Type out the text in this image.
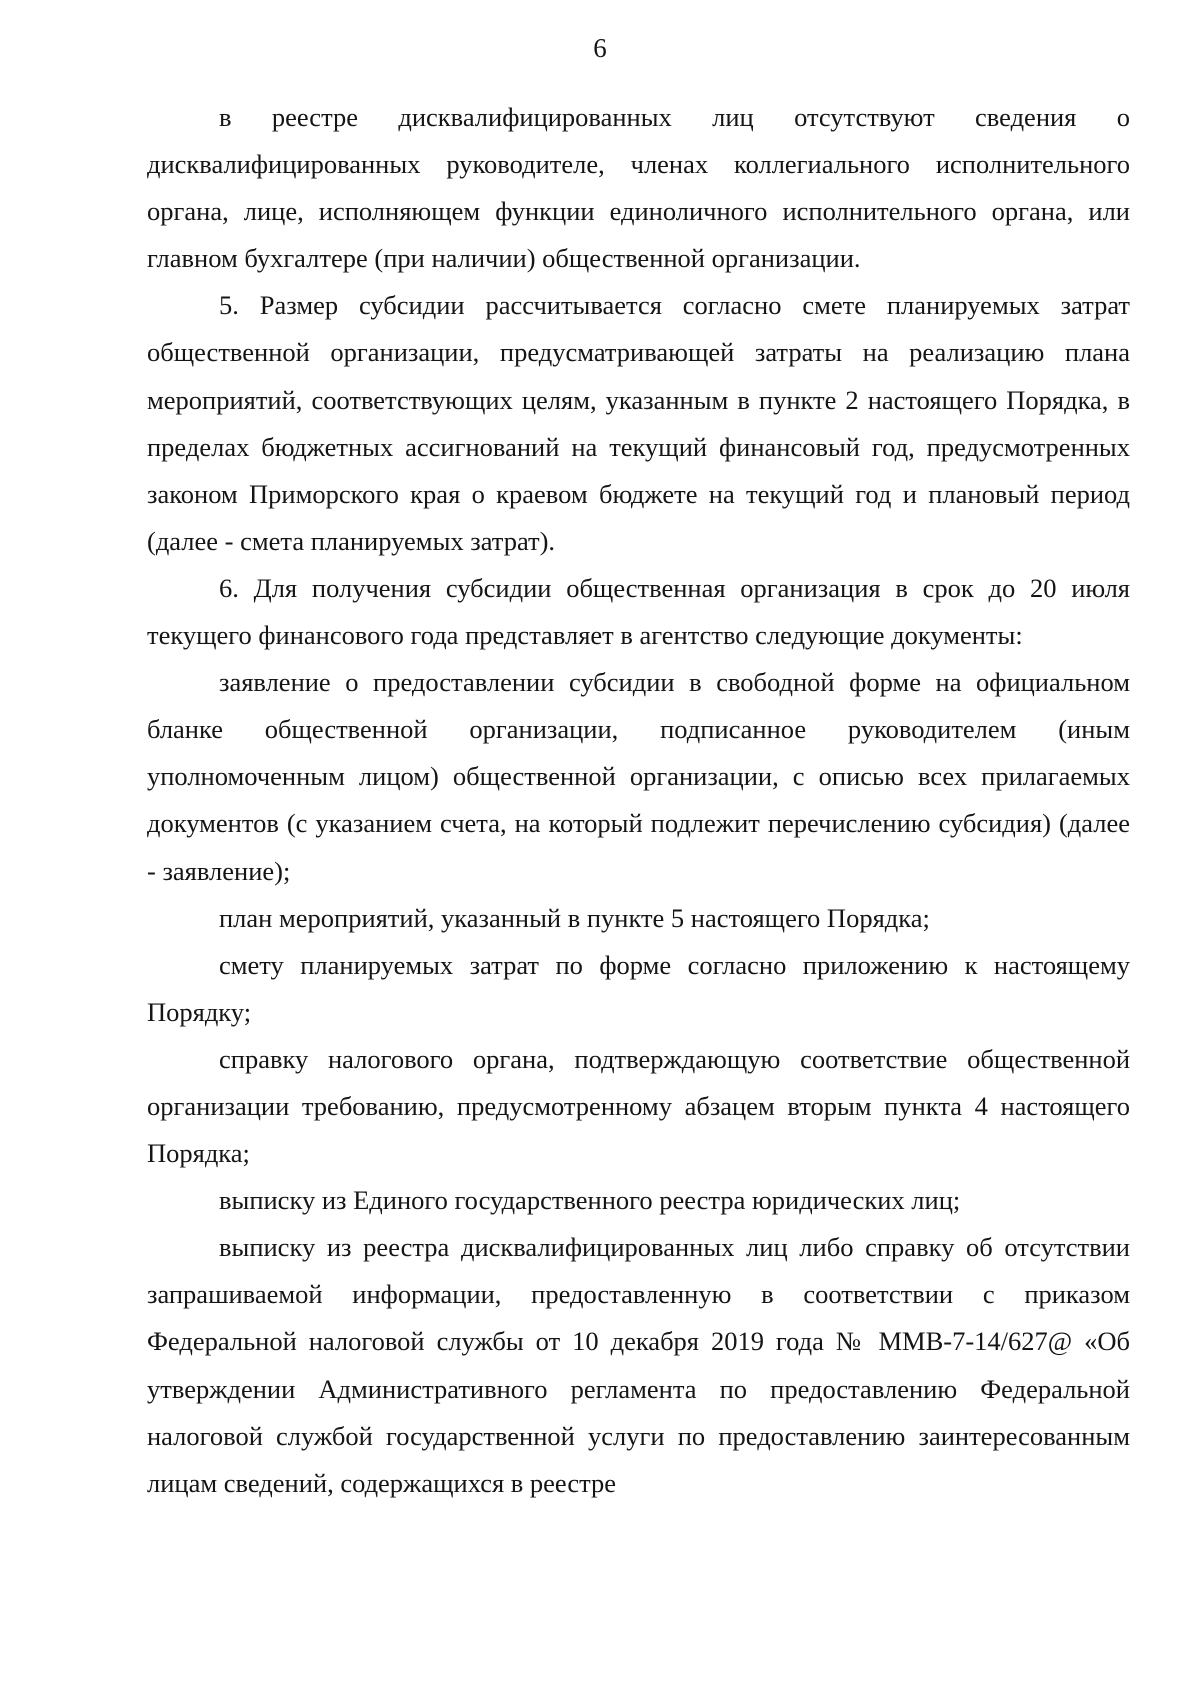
6

в реестре дисквалифицированных лиц отсутствуют сведения о дисквалифицированных руководителе, членах коллегиального исполнительного органа, лице, исполняющем функции единоличного исполнительного органа, или главном бухгалтере (при наличии) общественной организации.

5. Размер субсидии рассчитывается согласно смете планируемых затрат общественной организации, предусматривающей затраты на реализацию плана мероприятий, соответствующих целям, указанным в пункте 2 настоящего Порядка, в пределах бюджетных ассигнований на текущий финансовый год, предусмотренных законом Приморского края о краевом бюджете на текущий год и плановый период (далее - смета планируемых затрат).

6. Для получения субсидии общественная организация в срок до 20 июля текущего финансового года представляет в агентство следующие документы:

заявление о предоставлении субсидии в свободной форме на официальном бланке общественной организации, подписанное руководителем (иным уполномоченным лицом) общественной организации, с описью всех прилагаемых документов (с указанием счета, на который подлежит перечислению субсидия) (далее - заявление);

план мероприятий, указанный в пункте 5 настоящего Порядка;

смету планируемых затрат по форме согласно приложению к настоящему Порядку;

справку налогового органа, подтверждающую соответствие общественной организации требованию, предусмотренному абзацем вторым пункта 4 настоящего Порядка;

выписку из Единого государственного реестра юридических лиц;

выписку из реестра дисквалифицированных лиц либо справку об отсутствии запрашиваемой информации, предоставленную в соответствии с приказом Федеральной налоговой службы от 10 декабря 2019 года № ММВ-7-14/627@ «Об утверждении Административного регламента по предоставлению Федеральной налоговой службой государственной услуги по предоставлению заинтересованным лицам сведений, содержащихся в реестре
